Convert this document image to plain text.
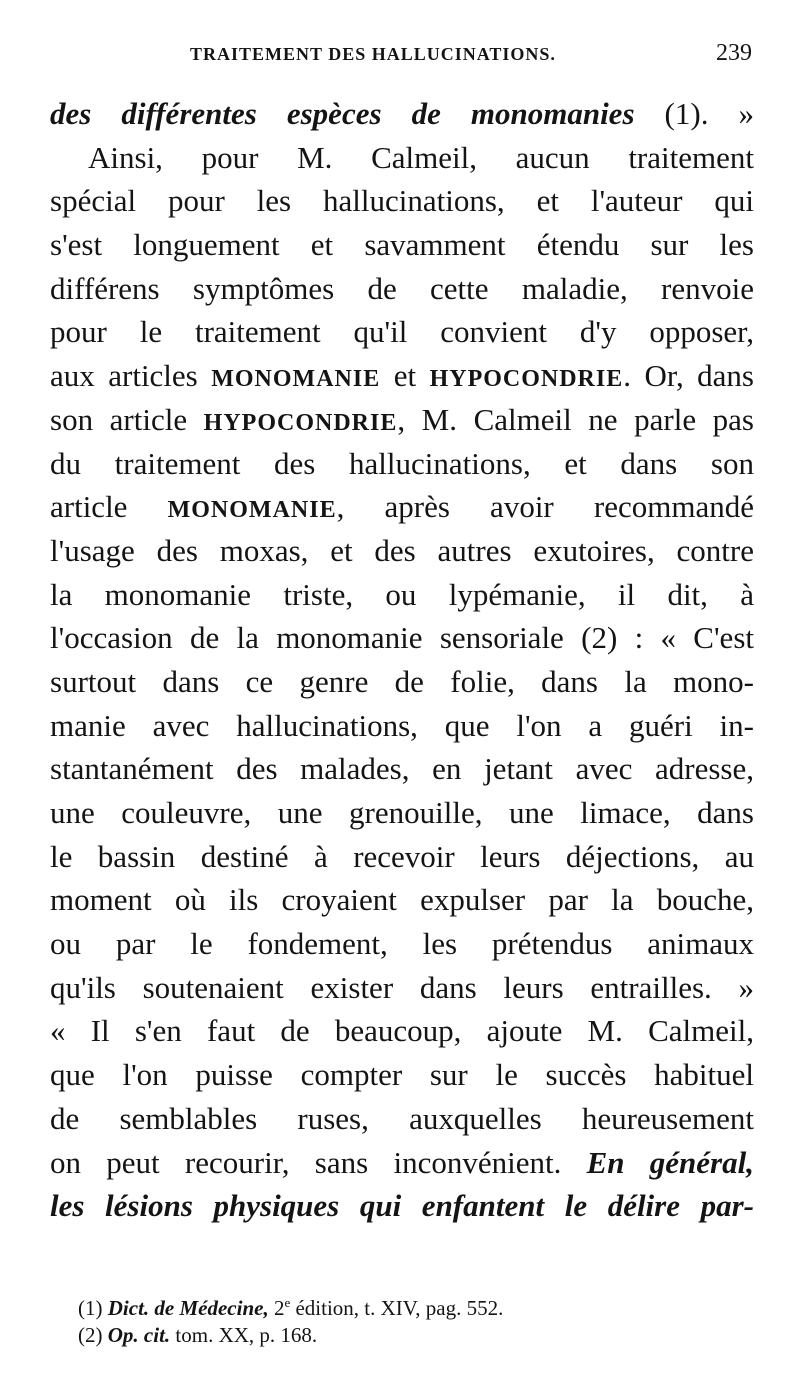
TRAITEMENT DES HALLUCINATIONS.	239
des différentes espèces de monomanies (1). »
Ainsi, pour M. Calmeil, aucun traitement
spécial pour les hallucinations, et l'auteur qui
s'est longuement et savamment étendu sur les
différens symptômes de cette maladie, renvoie
pour le traitement qu'il convient d'y opposer,
aux articles MONOMANIE et HYPOCONDRIE. Or, dans
son article HYPOCONDRIE, M. Calmeil ne parle pas
du traitement des hallucinations, et dans son
article MONOMANIE, après avoir recommandé
l'usage des moxas, et des autres exutoires, contre
la monomanie triste, ou lypémanie, il dit, à
l'occasion de la monomanie sensoriale (2) : « C'est
surtout dans ce genre de folie, dans la mono-
manie avec hallucinations, que l'on a guéri in-
stantanément des malades, en jetant avec adresse,
une couleuvre, une grenouille, une limace, dans
le bassin destiné à recevoir leurs déjections, au
moment où ils croyaient expulser par la bouche,
ou par le fondement, les prétendus animaux
qu'ils soutenaient exister dans leurs entrailles. »
« Il s'en faut de beaucoup, ajoute M. Calmeil,
que l'on puisse compter sur le succès habituel
de semblables ruses, auxquelles heureusement
on peut recourir, sans inconvénient. En général,
les lésions physiques qui enfantent le délire par-
(1) Dict. de Médecine, 2e édition, t. XIV, pag. 552.
(2) Op. cit. tom. XX, p. 168.
